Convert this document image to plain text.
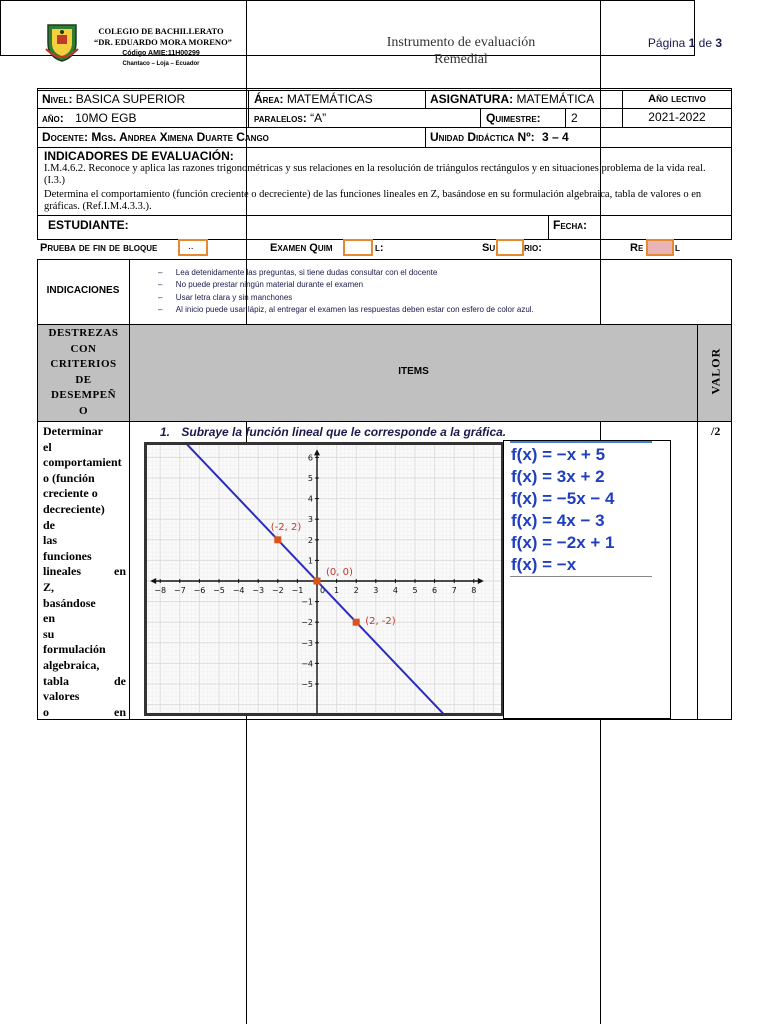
COLEGIO DE BACHILLERATO
“DR. EDUARDO MORA MORENO”
Código AMIE:11H00299
Chantaco – Loja – Ecuador
Instrumento de evaluación
Remedial
Página 1 de 3
Nivel: BASICA SUPERIOR	Área: MATEMÁTICAS	ASIGNATURA: MATEMÁTICA	Año lectivo
año: 10MO EGB	paralelos: “A”	Quimestre:	2	2021-2022
Docente: Mgs. Andrea Ximena Duarte Cango	Unidad Didáctica Nº: 3 – 4
INDICADORES DE EVALUACIÓN:
I.M.4.6.2. Reconoce y aplica las razones trigonométricas y sus relaciones en la resolución de triángulos rectángulos y en situaciones problema de la vida real. (I.3.)
Determina el comportamiento (función creciente o decreciente) de las funciones lineales en Z, basándose en su formulación algebraica, tabla de valores o en gráficas. (Ref.I.M.4.3.3.).
ESTUDIANTE:	Fecha:
Prueba de fin de bloque	..	Examen Quim	l:	Su	rio:	Re	l
INDICACIONES
–      Lea detenidamente las preguntas, si tiene dudas consultar con el docente
–      No puede prestar ningún material durante el examen
–      Usar letra clara y sin manchones
–      Al inicio puede usar lápiz, al entregar el examen las respuestas deben estar con esfero de color azul.
DESTREZAS
CON
CRITERIOS
DE
DESEMPEÑ
O
ITEMS	VALOR
Determinar
el
comportamient
o (función
creciente o
decreciente)
de
las
funciones
lineales en
Z,
basándose
en
su
formulación
algebraica,
tabla de
valores
o en
1. Subraye la función lineal que le corresponde a la gráfica.	/2
−8 −7 −6 −5 −4 −3 −2 −1	1 2 3 4 5 6 7 8
0
−5
−4
−3
−2
−1
1
2
3
4
5
6
(-2, 2)
(0, 0)
(2, -2)
f(x) = −x + 5
f(x) = 3x + 2
f(x) = −5x − 4
f(x) = 4x − 3
f(x) = −2x + 1
f(x) = −x
